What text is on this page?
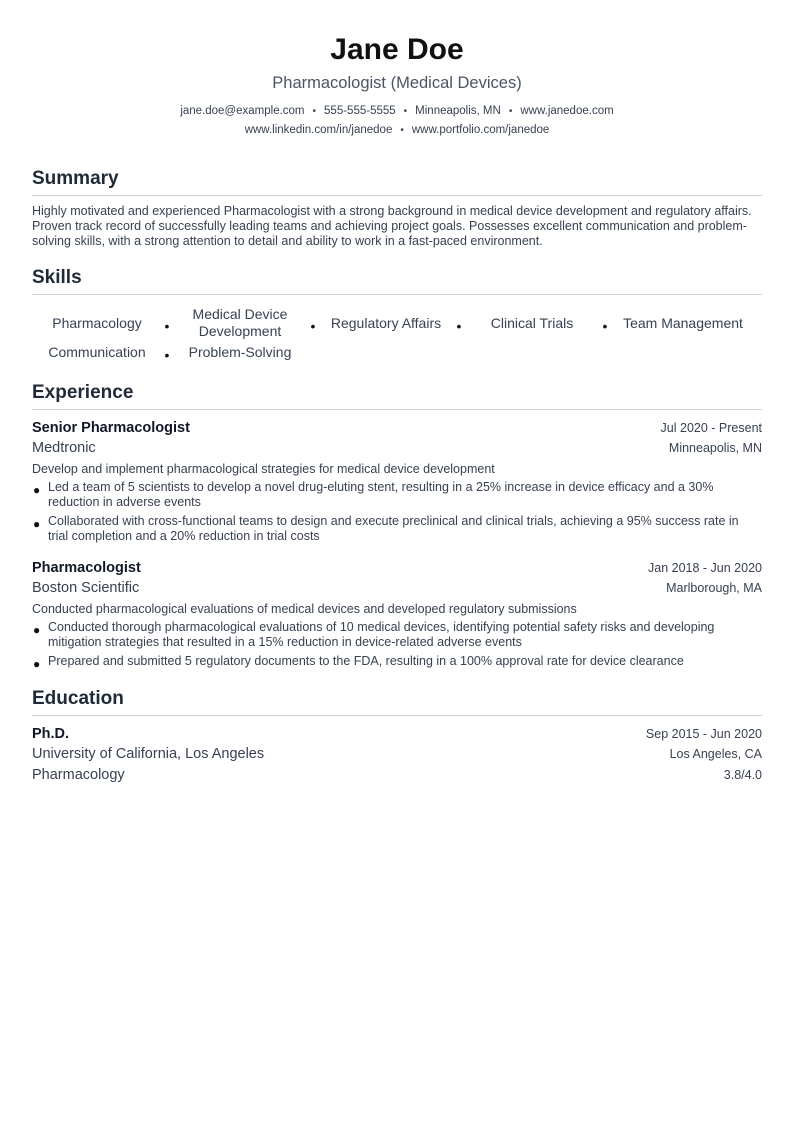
Jane Doe
Pharmacologist (Medical Devices)
jane.doe@example.com • 555-555-5555 • Minneapolis, MN • www.janedoe.com
www.linkedin.com/in/janedoe • www.portfolio.com/janedoe
Summary

Highly motivated and experienced Pharmacologist with a strong background in medical device development and regulatory affairs. Proven track record of successfully leading teams and achieving project goals. Possesses excellent communication and problem-solving skills, with a strong attention to detail and ability to work in a fast-paced environment.

Skills
Pharmacology	•
Medical Device Development	•	Regulatory Affairs	•	Clinical Trials	•	Team Management
Communication	•	Problem-Solving
Experience
Senior Pharmacologist	Jul 2020 - Present
Medtronic	Minneapolis, MN
Develop and implement pharmacological strategies for medical device development
● Led a team of 5 scientists to develop a novel drug-eluting stent, resulting in a 25% increase in device efficacy and a 30% reduction in adverse events
● Collaborated with cross-functional teams to design and execute preclinical and clinical trials, achieving a 95% success rate in trial completion and a 20% reduction in trial costs
Pharmacologist	Jan 2018 - Jun 2020
Boston Scientific	Marlborough, MA
Conducted pharmacological evaluations of medical devices and developed regulatory submissions
● Conducted thorough pharmacological evaluations of 10 medical devices, identifying potential safety risks and developing mitigation strategies that resulted in a 15% reduction in device-related adverse events
● Prepared and submitted 5 regulatory documents to the FDA, resulting in a 100% approval rate for device clearance
Education
Ph.D.	Sep 2015 - Jun 2020
University of California, Los Angeles	Los Angeles, CA
Pharmacology	3.8/4.0
